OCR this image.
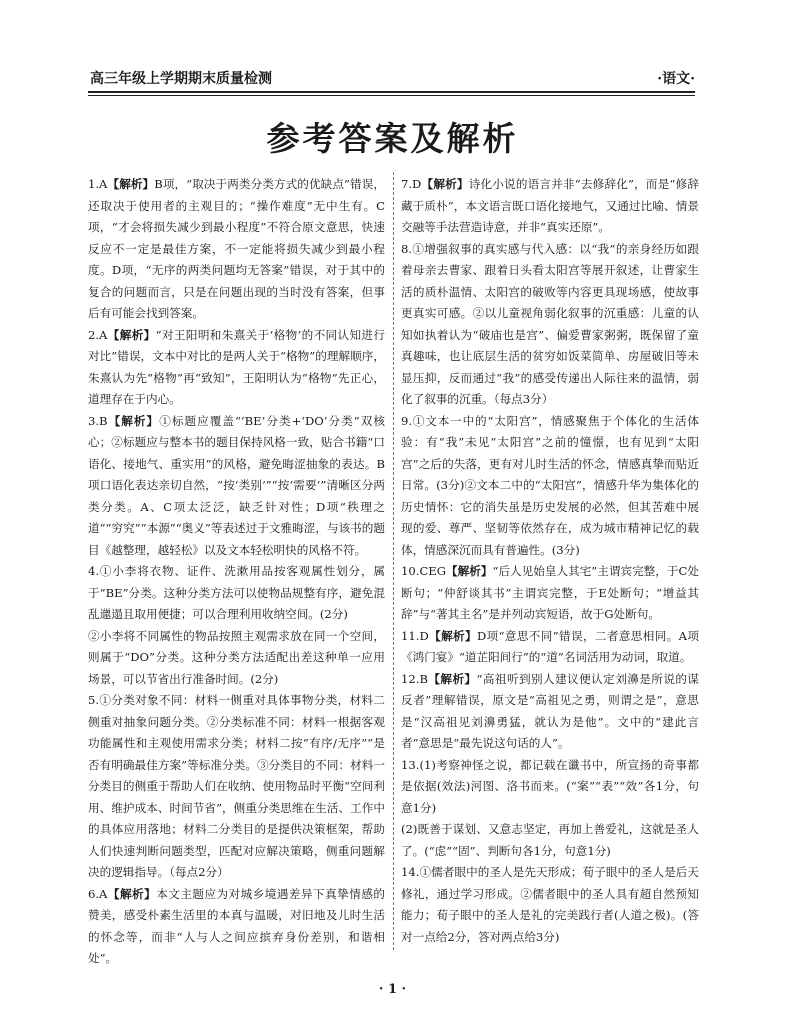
高三年级上学期期末质量检测	·语文·
参考答案及解析

1.A【解析】B项，“取决于两类分类方式的优缺点”错误，还取决于使用者的主观目的；“操作难度”无中生有。C项，“才会将损失减少到最小程度”不符合原文意思，快速反应不一定是最佳方案，不一定能将损失减少到最小程度。D项，“无序的两类问题均无答案”错误，对于其中的复合的问题而言，只是在问题出现的当时没有答案，但事后有可能会找到答案。

2.A【解析】“对王阳明和朱熹关于‘格物’的不同认知进行对比”错误，文本中对比的是两人关于“格物”的理解顺序，朱熹认为先“格物”再“致知”，王阳明认为“格物”先正心，道理存在于内心。

3.B【解析】①标题应覆盖“‘BE’分类+‘DO’分类”双核心；②标题应与整本书的题目保持风格一致，贴合书籍“口语化、接地气、重实用”的风格，避免晦涩抽象的表达。B项口语化表达亲切自然，“按‘类别’”“按‘需要’”清晰区分两类分类。A、C项太泛泛，缺乏针对性；D项“秩理之道”“穷究”“本源”“奥义”等表述过于文雅晦涩，与该书的题目《越整理，越轻松》以及文本轻松明快的风格不符。

4.①小李将衣物、证件、洗漱用品按客观属性划分，属于“BE”分类。这种分类方法可以使物品规整有序，避免混乱邋遢且取用便捷；可以合理利用收纳空间。(2分)

②小李将不同属性的物品按照主观需求放在同一个空间，则属于“DO”分类。这种分类方法适配出差这种单一应用场景，可以节省出行准备时间。(2分)

5.①分类对象不同：材料一侧重对具体事物分类，材料二侧重对抽象问题分类。②分类标准不同：材料一根据客观功能属性和主观使用需求分类；材料二按“有序/无序”“是否有明确最佳方案”等标准分类。③分类目的不同：材料一分类目的侧重于帮助人们在收纳、使用物品时平衡“空间利用、维护成本、时间节省”，侧重分类思维在生活、工作中的具体应用落地；材料二分类目的是提供决策框架，帮助人们快速判断问题类型，匹配对应解决策略，侧重问题解决的逻辑指导。（每点2分）

6.A【解析】本文主题应为对城乡境遇差异下真挚情感的赞美，感受朴素生活里的本真与温暖，对旧地及儿时生活的怀念等，而非“人与人之间应摈弃身份差别，和谐相处”。

7.D【解析】诗化小说的语言并非“去修辞化”，而是“修辞藏于质朴”，本文语言既口语化接地气，又通过比喻、情景交融等手法营造诗意，并非“真实还原”。

8.①增强叙事的真实感与代入感：以“我”的亲身经历如跟着母亲去曹家、跟着日头看太阳宫等展开叙述，让曹家生活的质朴温情、太阳宫的破败等内容更具现场感，使故事更真实可感。②以儿童视角弱化叙事的沉重感：儿童的认知如执着认为“破庙也是宫”、偏爱曹家粥粥，既保留了童真趣味，也让底层生活的贫穷如饭菜简单、房屋破旧等未显压抑，反而通过“我”的感受传递出人际往来的温情，弱化了叙事的沉重。（每点3分）

9.①文本一中的“太阳宫”，情感聚焦于个体化的生活体验：有“我”未见“太阳宫”之前的憧憬，也有见到“太阳宫”之后的失落，更有对儿时生活的怀念，情感真挚而贴近日常。(3分)②文本二中的“太阳宫”，情感升华为集体化的历史情怀：它的消失虽是历史发展的必然，但其苦难中展现的爱、尊严、坚韧等依然存在，成为城市精神记忆的载体，情感深沉而具有普遍性。(3分)

10.CEG【解析】“后人见始皇人其宅”主谓宾完整，于C处断句；“仲舒谈其书”主谓宾完整，于E处断句；“增益其辞”与“著其主名”是并列动宾短语，故于G处断句。

11.D【解析】D项“意思不同”错误，二者意思相同。A项《鸿门宴》“道芷阳间行”的“道”名词活用为动词，取道。

12.B【解析】“高祖听到别人建议便认定刘濞是所说的谋反者”理解错误，原文是“高祖见之勇，则谓之是”，意思是“汉高祖见刘濞勇猛，就认为是他”。文中的“建此言者”意思是“最先说这句话的人”。

13.(1)考察神怪之说，都记载在谶书中，所宣扬的奇事都是依据(效法)河图、洛书而来。(“案”“表”“效”各1分，句意1分)

(2)既善于谋划、又意志坚定，再加上善爱礼，这就是圣人了。(“虑”“固”、判断句各1分，句意1分)

14.①儒者眼中的圣人是先天形成；荀子眼中的圣人是后天修礼，通过学习形成。②儒者眼中的圣人具有超自然预知能力；荀子眼中的圣人是礼的完美践行者(人道之极)。(答对一点给2分，答对两点给3分)

· 1 ·
